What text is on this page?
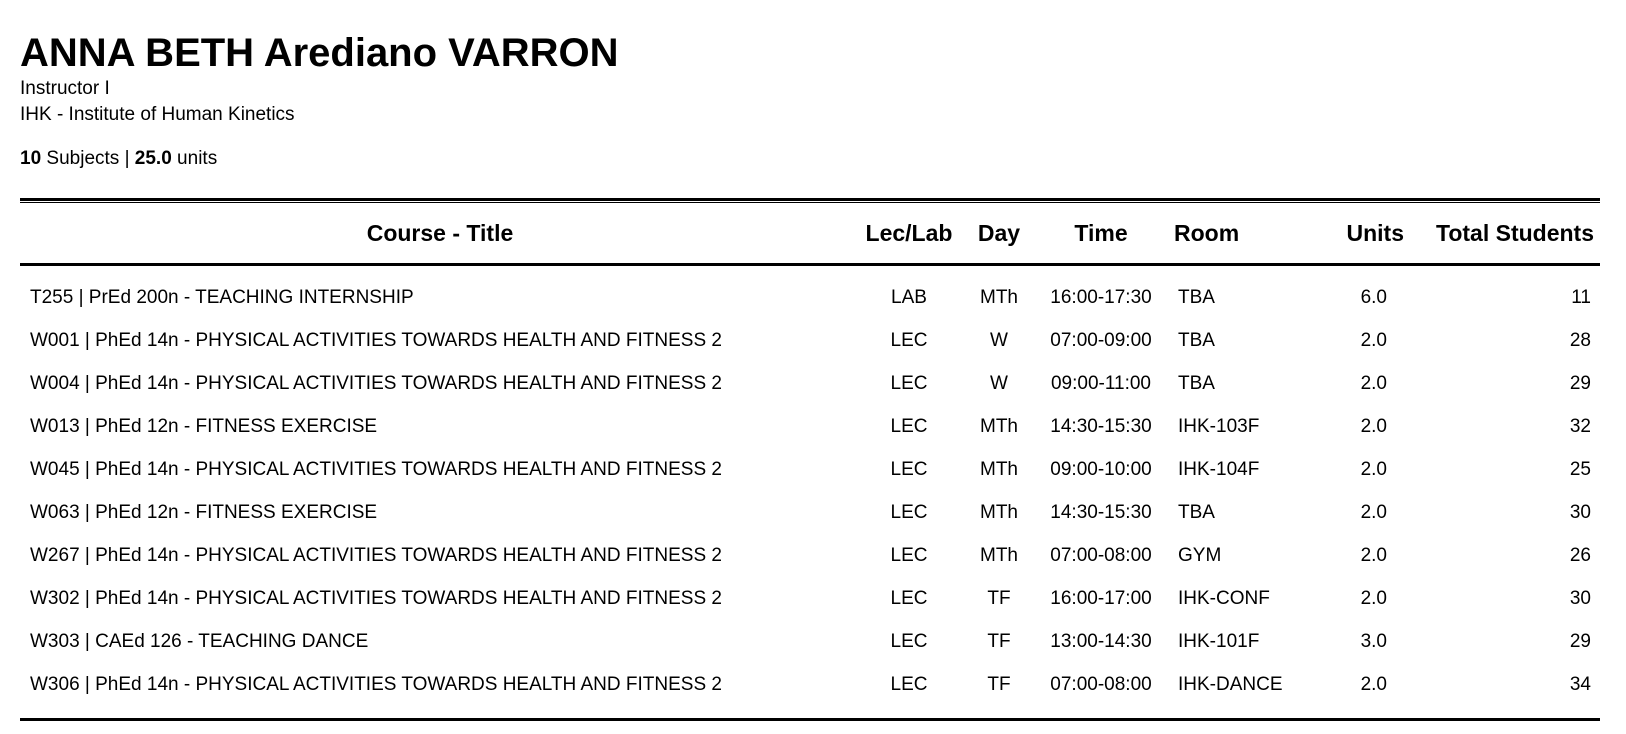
ANNA BETH Arediano VARRON
Instructor I
IHK - Institute of Human Kinetics
10 Subjects | 25.0 units
Course - Title	Lec/Lab	Day	Time	Room	Units	Total Students
T255 | PrEd 200n - TEACHING INTERNSHIP	LAB	MTh	16:00-17:30	TBA	6.0	11
W001 | PhEd 14n - PHYSICAL ACTIVITIES TOWARDS HEALTH AND FITNESS 2	LEC	W	07:00-09:00	TBA	2.0	28
W004 | PhEd 14n - PHYSICAL ACTIVITIES TOWARDS HEALTH AND FITNESS 2	LEC	W	09:00-11:00	TBA	2.0	29
W013 | PhEd 12n - FITNESS EXERCISE	LEC	MTh	14:30-15:30	IHK-103F	2.0	32
W045 | PhEd 14n - PHYSICAL ACTIVITIES TOWARDS HEALTH AND FITNESS 2	LEC	MTh	09:00-10:00	IHK-104F	2.0	25
W063 | PhEd 12n - FITNESS EXERCISE	LEC	MTh	14:30-15:30	TBA	2.0	30
W267 | PhEd 14n - PHYSICAL ACTIVITIES TOWARDS HEALTH AND FITNESS 2	LEC	MTh	07:00-08:00	GYM	2.0	26
W302 | PhEd 14n - PHYSICAL ACTIVITIES TOWARDS HEALTH AND FITNESS 2	LEC	TF	16:00-17:00	IHK-CONF	2.0	30
W303 | CAEd 126 - TEACHING DANCE	LEC	TF	13:00-14:30	IHK-101F	3.0	29
W306 | PhEd 14n - PHYSICAL ACTIVITIES TOWARDS HEALTH AND FITNESS 2	LEC	TF	07:00-08:00	IHK-DANCE	2.0	34
